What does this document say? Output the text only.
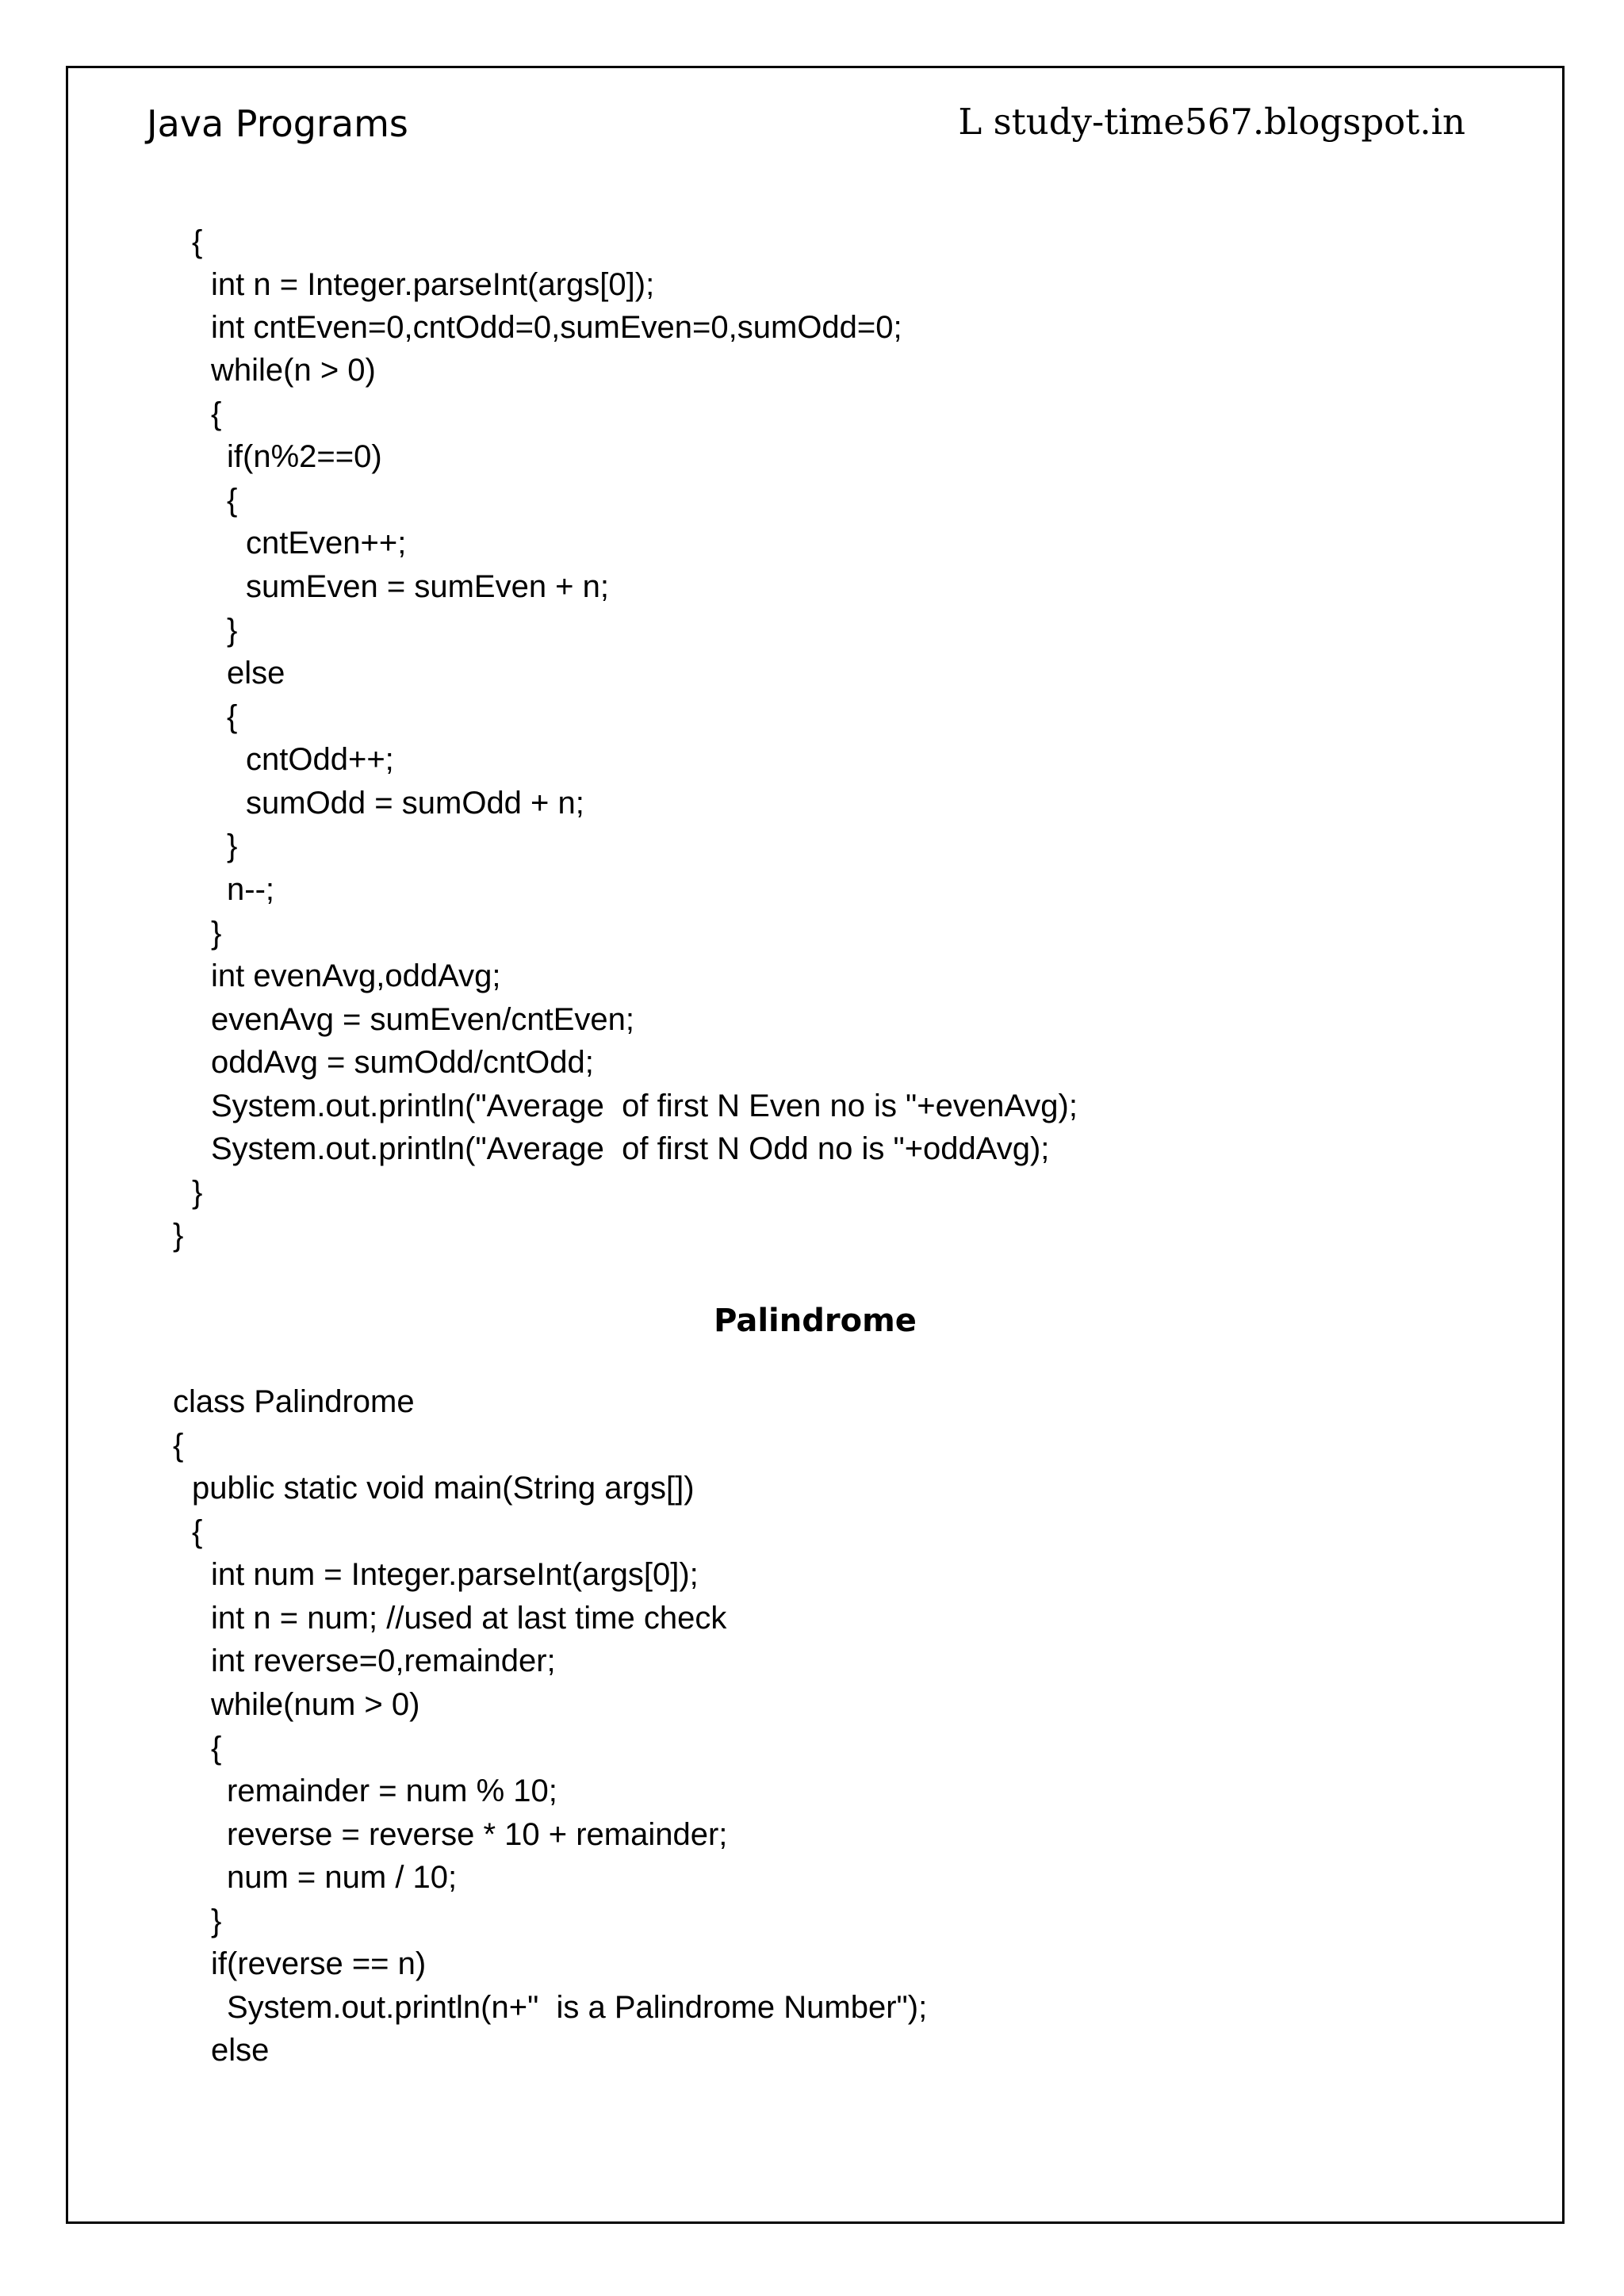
Java Programs	L study-time567.blogspot.in
{
int n = Integer.parseInt(args[0]);
int cntEven=0,cntOdd=0,sumEven=0,sumOdd=0;
while(n > 0)
{
if(n%2==0)
{
cntEven++;
sumEven = sumEven + n;
}
else
{
cntOdd++;
sumOdd = sumOdd + n;
}
n--;
}
int evenAvg,oddAvg;
evenAvg = sumEven/cntEven;
oddAvg = sumOdd/cntOdd;
System.out.println("Average  of first N Even no is "+evenAvg);
System.out.println("Average  of first N Odd no is "+oddAvg);
}
}
Palindrome
class Palindrome
{
public static void main(String args[])
{
int num = Integer.parseInt(args[0]);
int n = num; //used at last time check
int reverse=0,remainder;
while(num > 0)
{
remainder = num % 10;
reverse = reverse * 10 + remainder;
num = num / 10;
}
if(reverse == n)
System.out.println(n+"  is a Palindrome Number");
else
